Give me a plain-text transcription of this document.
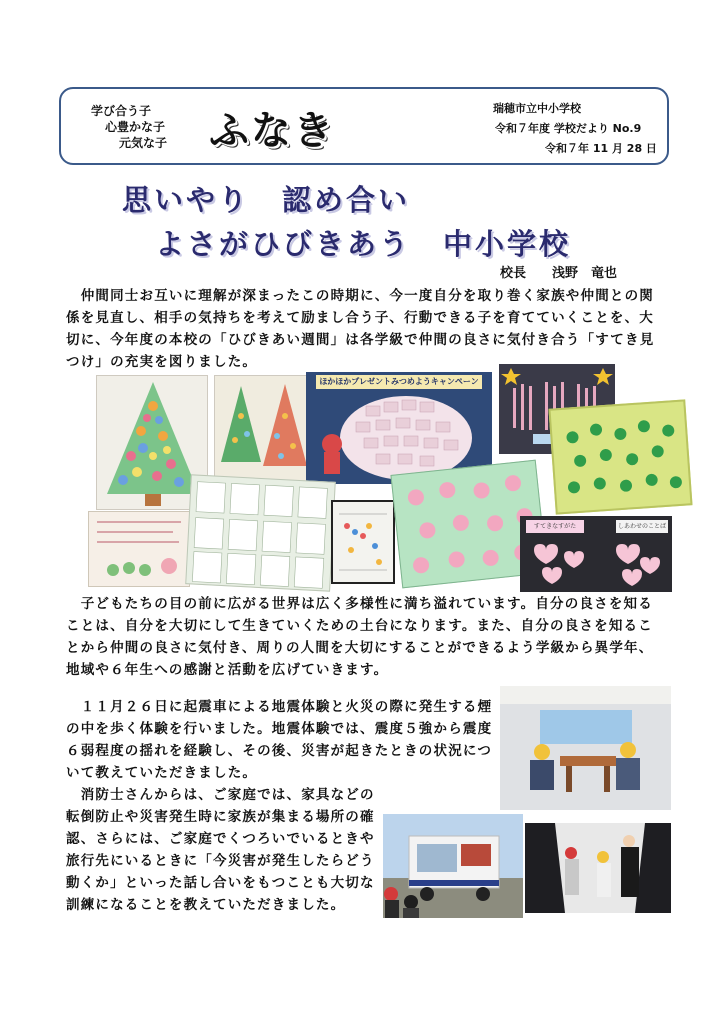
学び合う子
心豊かな子
元気な子	ふなき	瑞穂市立中小学校
令和７年度 学校だより No.9
令和７年 11 月 28 日
思いやり　認め合い
よさがひびきあう　中小学校
校長　　浅野　竜也

　仲間同士お互いに理解が深まったこの時期に、今一度自分を取り巻く家族や仲間との関係を見直し、相手の気持ちを考えて励まし合う子、行動できる子を育てていくことを、大切に、今年度の本校の「ひびきあい週間」は各学級で仲間の良さに気付き合う「すてき見つけ」の充実を図りました。

ほかほかプレゼントみつめようキャンペーン
すてきなすがた	しあわせのことば

　子どもたちの目の前に広がる世界は広く多様性に満ち溢れています。自分の良さを知ることは、自分を大切にして生きていくための土台になります。また、自分の良さを知ることから仲間の良さに気付き、周りの人間を大切にすることができるよう学級から異学年、地域や６年生への感謝と活動を広げていきます。

　１１月２６日に起震車による地震体験と火災の際に発生する煙の中を歩く体験を行いました。地震体験では、震度５強から震度６弱程度の揺れを経験し、その後、災害が起きたときの状況について教えていただきました。

　消防士さんからは、ご家庭では、家具などの転倒防止や災害発生時に家族が集まる場所の確認、さらには、ご家庭でくつろいでいるときや旅行先にいるときに「今災害が発生したらどう動くか」といった話し合いをもつことも大切な訓練になることを教えていただきました。
